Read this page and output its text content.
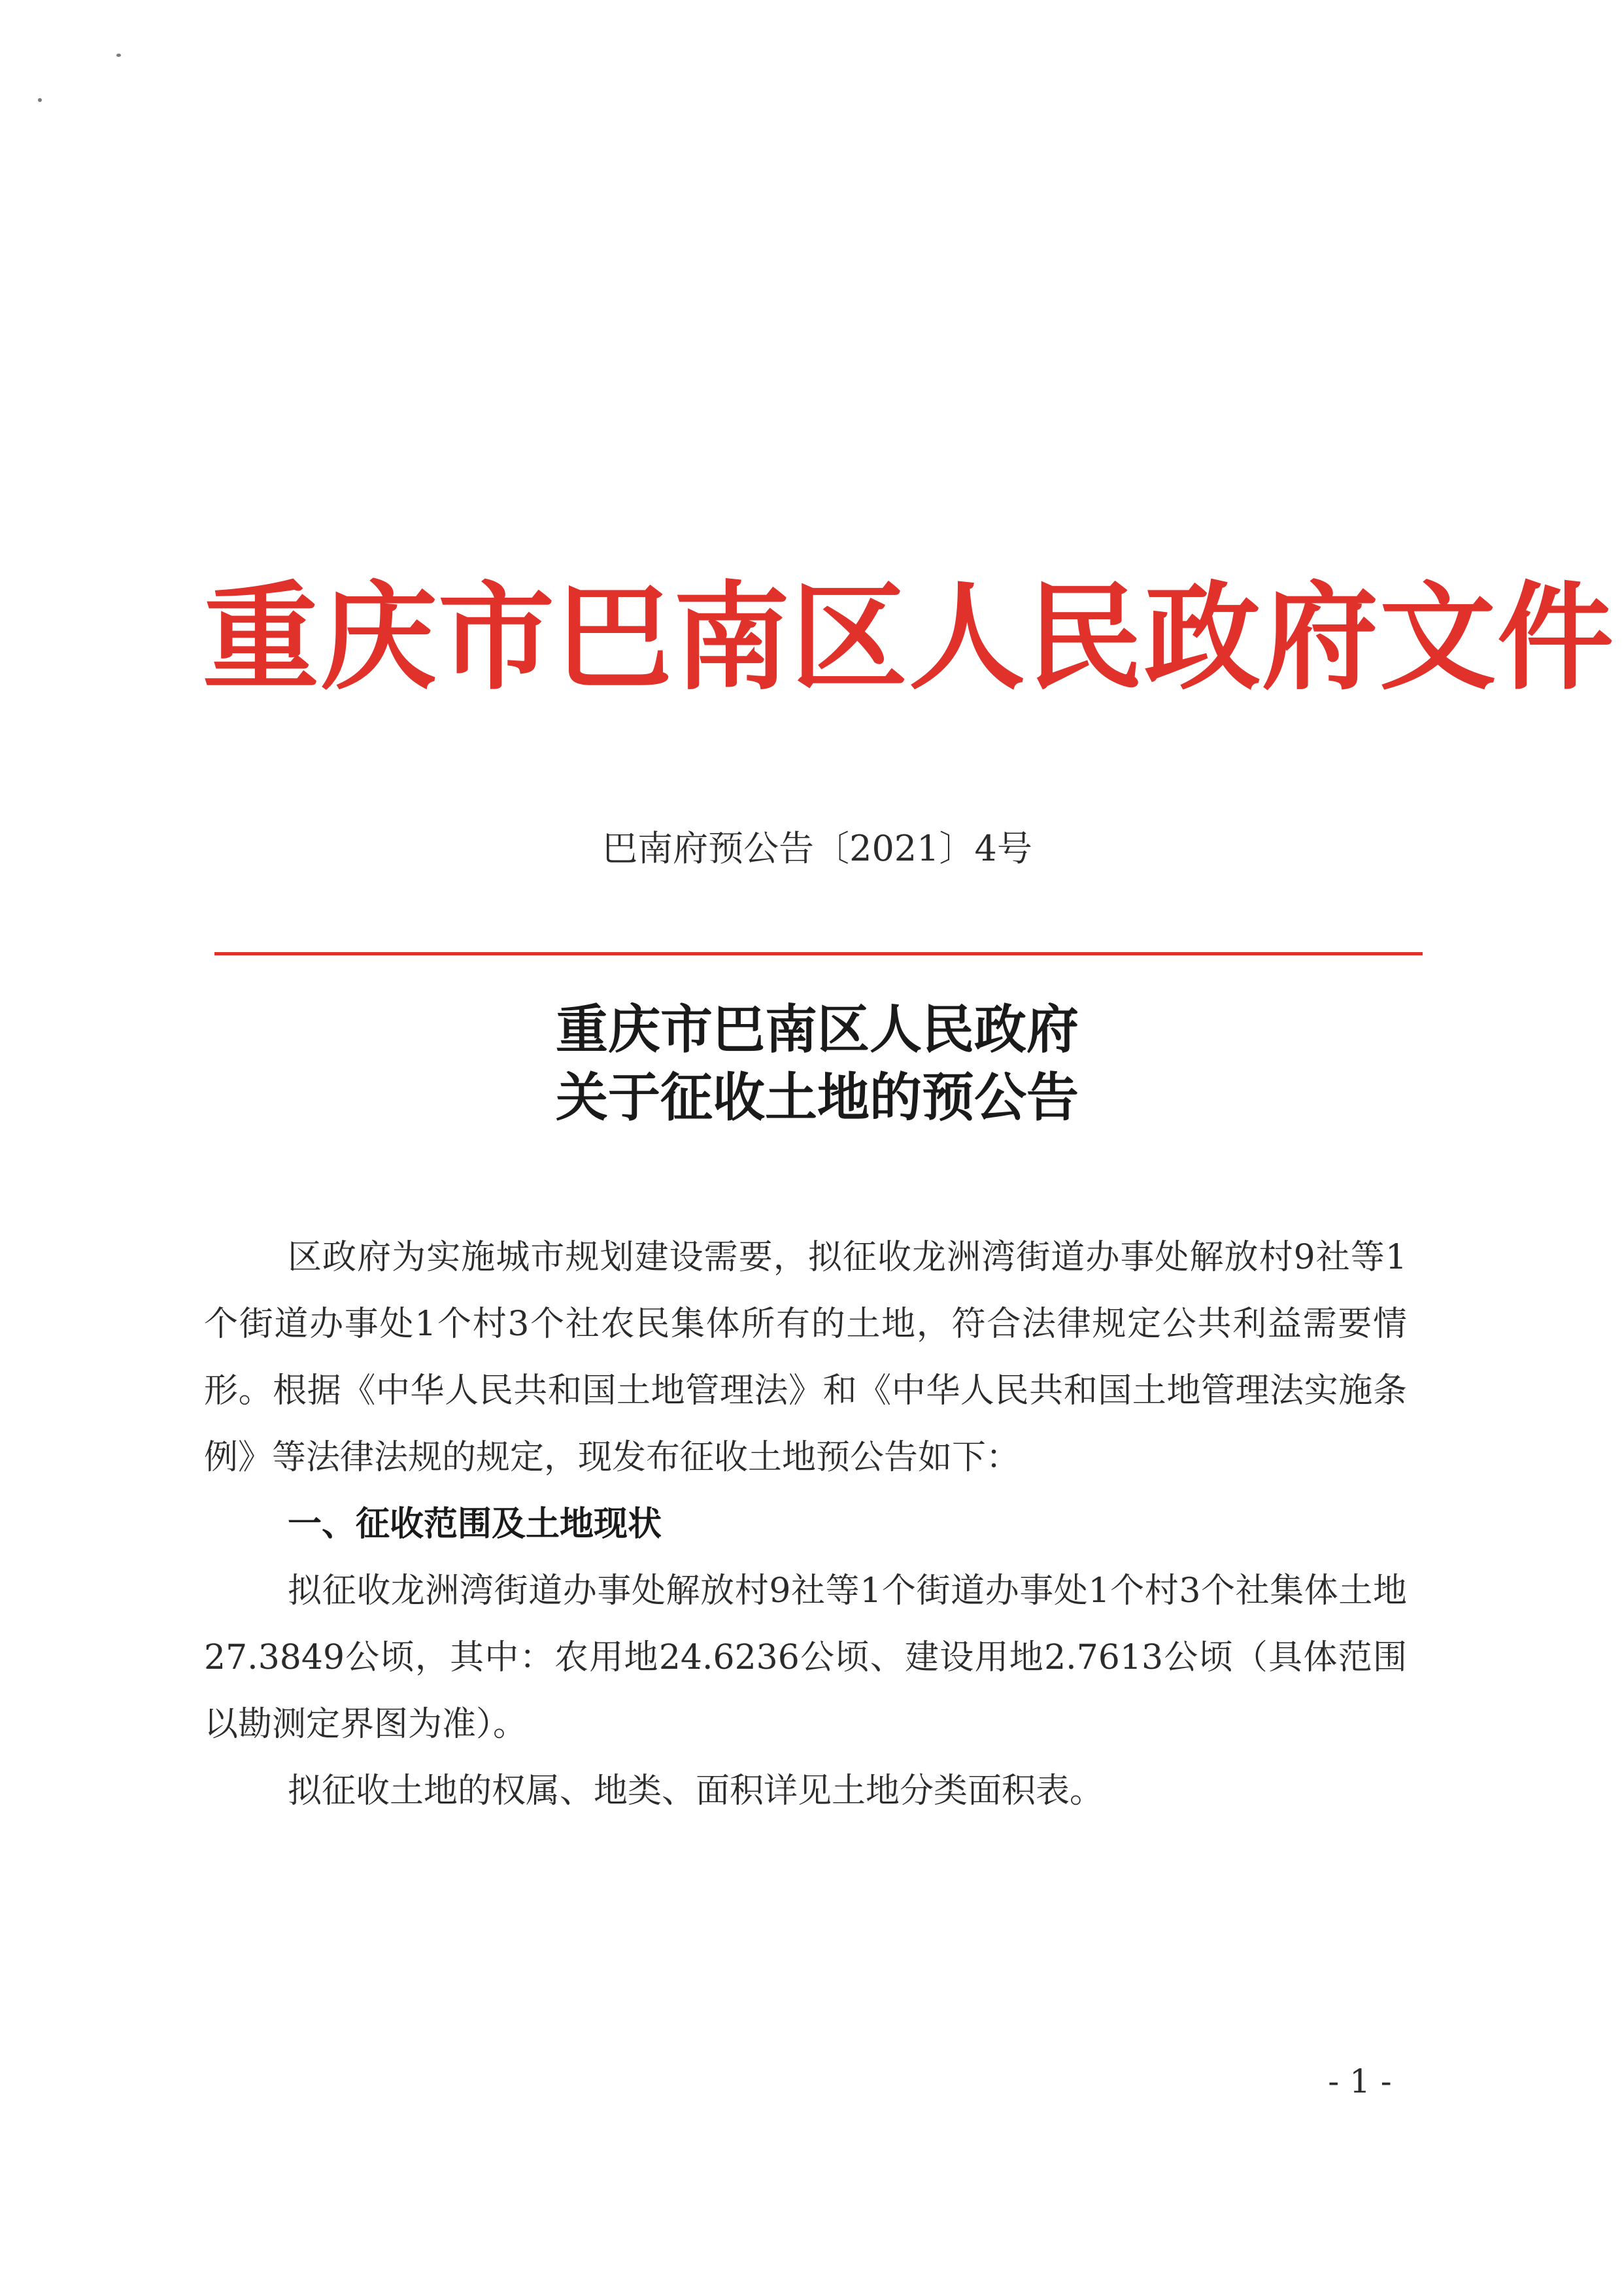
重庆市巴南区人民政府文件
巴南府预公告〔2021〕4号
重庆市巴南区人民政府
关于征收土地的预公告

区政府为实施城市规划建设需要，拟征收龙洲湾街道办事处解放村9社等1个街道办事处1个村3个社农民集体所有的土地，符合法律规定公共利益需要情形。根据《中华人民共和国土地管理法》和《中华人民共和国土地管理法实施条例》等法律法规的规定，现发布征收土地预公告如下：

一、征收范围及土地现状

拟征收龙洲湾街道办事处解放村9社等1个街道办事处1个村3个社集体土地27.3849公顷，其中：农用地24.6236公顷、建设用地2.7613公顷（具体范围以勘测定界图为准）。

拟征收土地的权属、地类、面积详见土地分类面积表。

- 1 -
